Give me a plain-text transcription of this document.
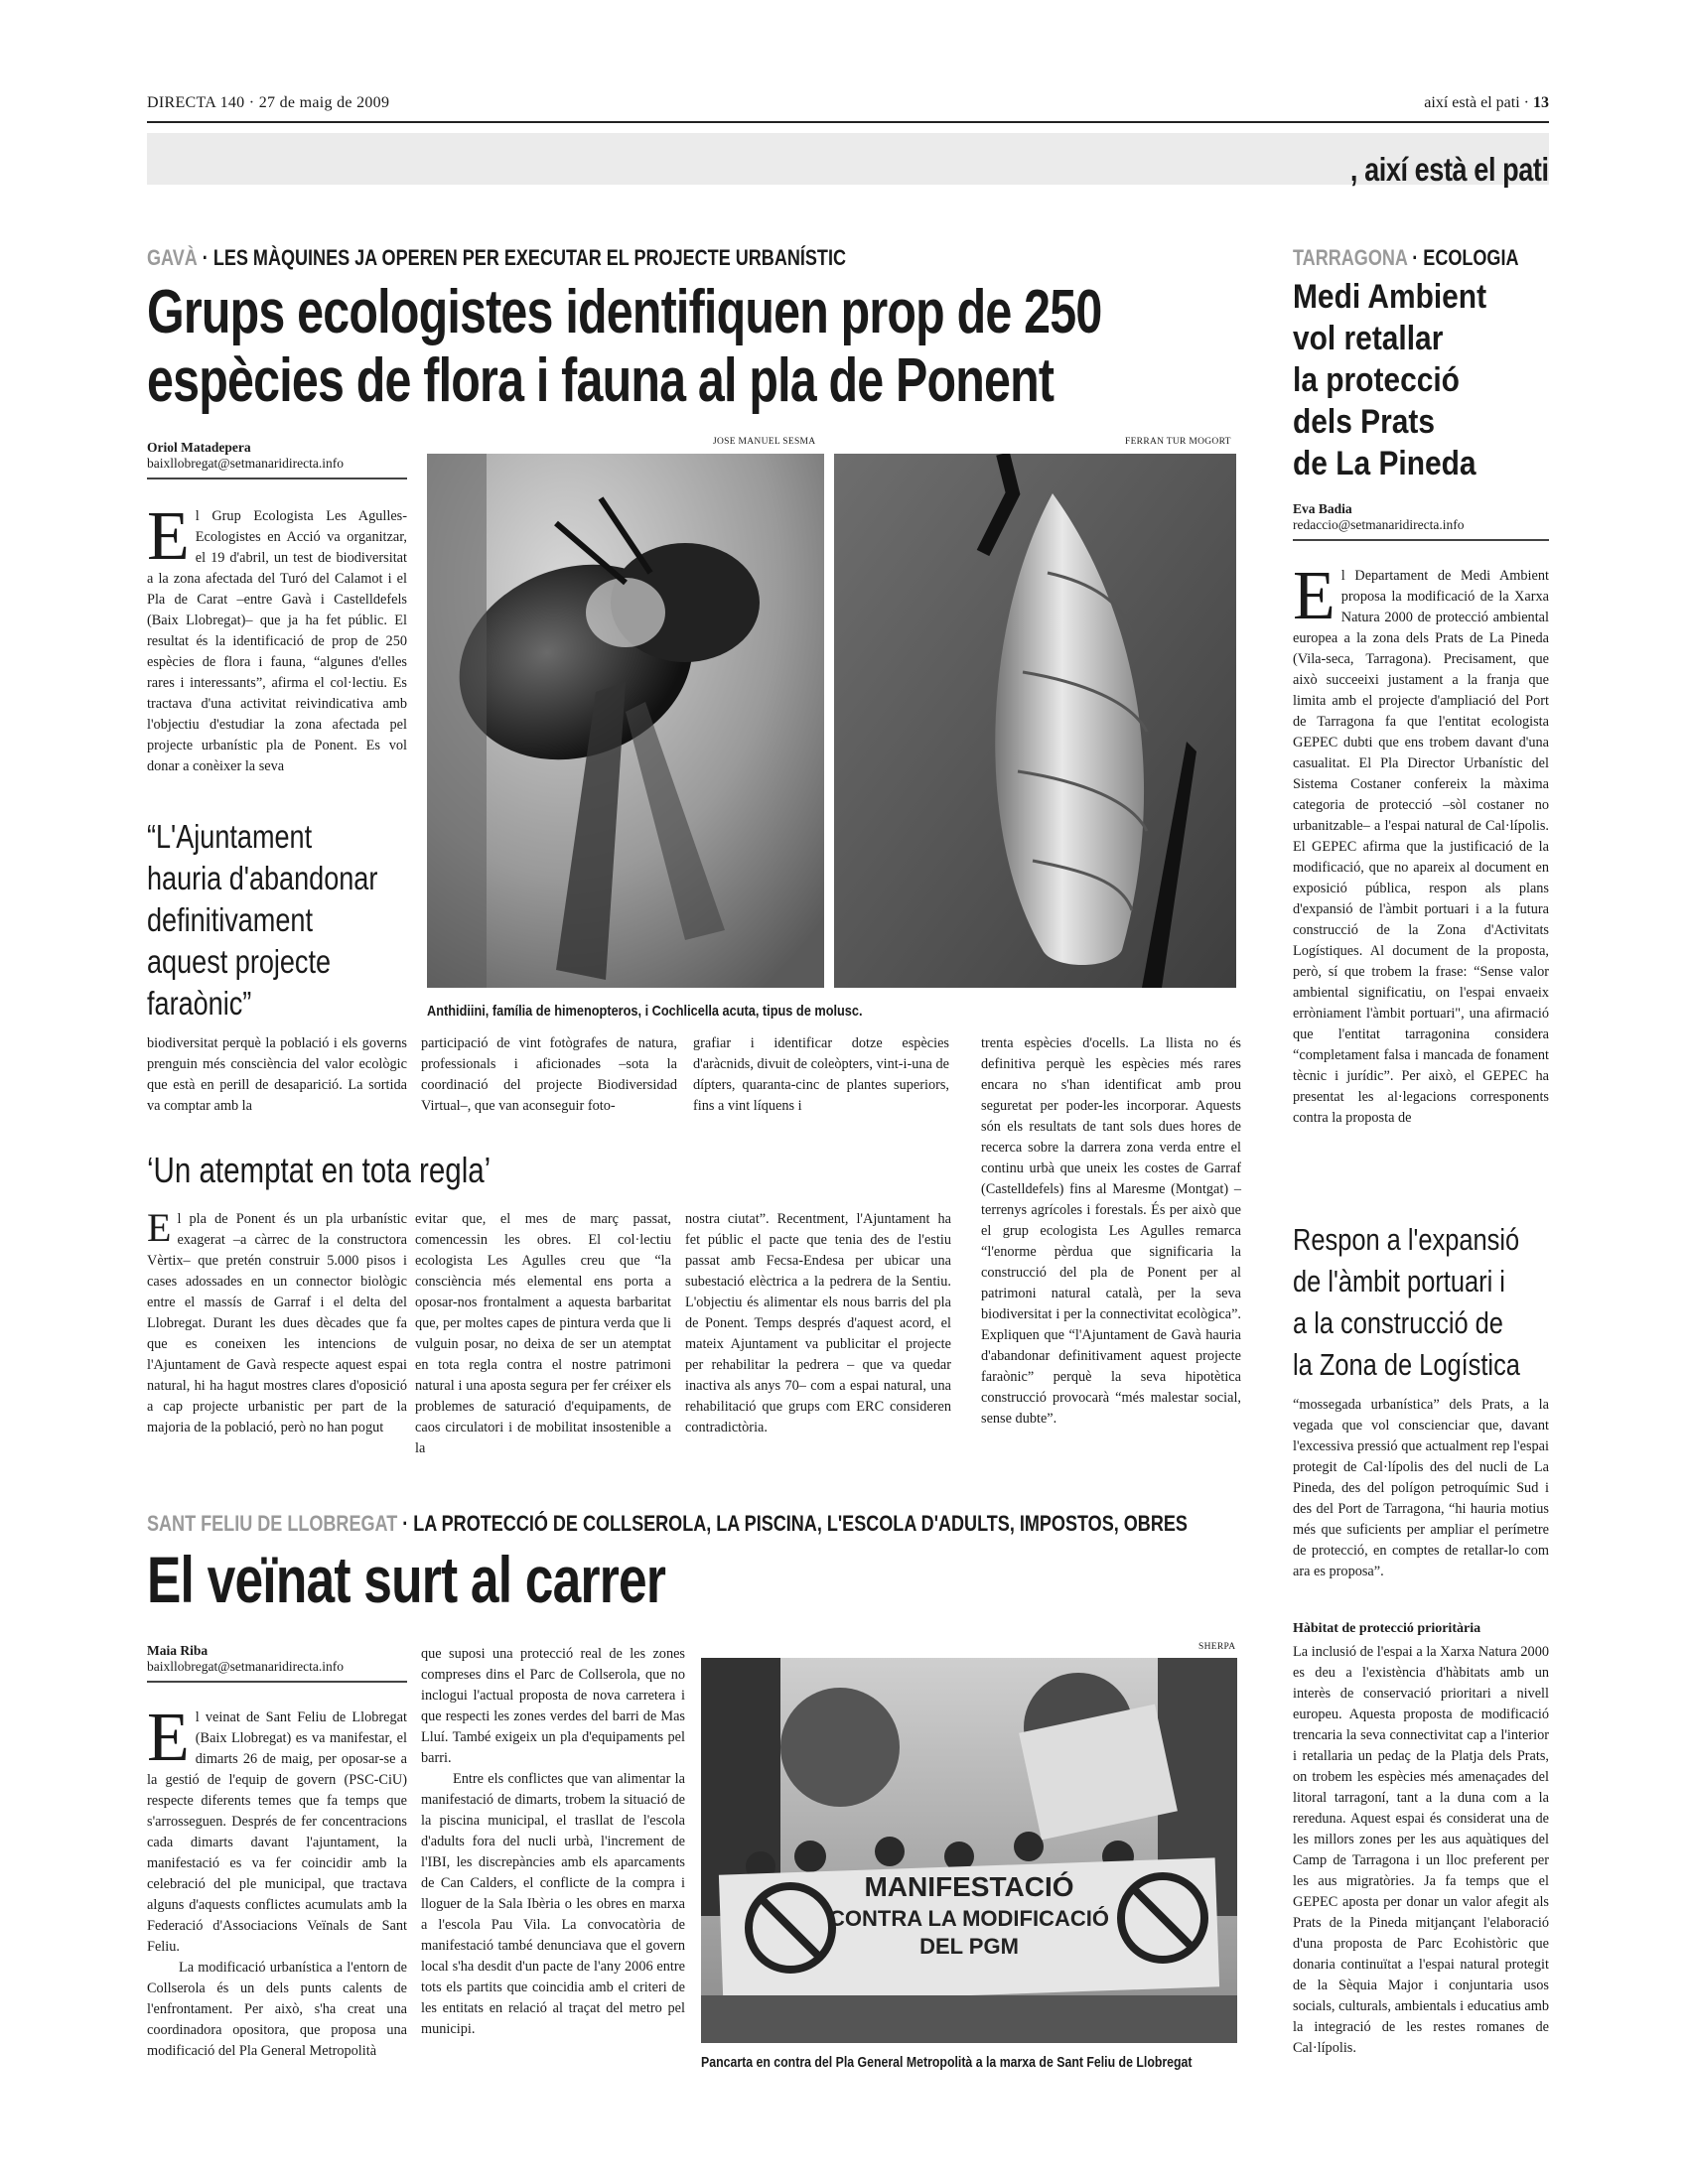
DIRECTA 140 · 27 de maig de 2009	així està el pati · 13
, així està el pati
GAVÀ · LES MÀQUINES JA OPEREN PER EXECUTAR EL PROJECTE URBANÍSTIC
Grups ecologistes identifiquen prop de 250
espècies de flora i fauna al pla de Ponent
Oriol Matadepera
baixllobregat@setmanaridirecta.info
El Grup Ecologista Les Agulles-Ecologistes en Acció va organitzar, el 19 d'abril, un test de biodiversitat a la zona afectada del Turó del Calamot i el Pla de Carat –entre Gavà i Castelldefels (Baix Llobregat)– que ja ha fet públic. El resultat és la identificació de prop de 250 espècies de flora i fauna, “algunes d'elles rares i interessants”, afirma el col·lectiu. Es tractava d'una activitat reivindicativa amb l'objectiu d'estudiar la zona afectada pel projecte urbanístic pla de Ponent. Es vol donar a conèixer la seva
“L'Ajuntament
hauria d'abandonar
definitivament
aquest projecte
faraònic”
biodiversitat perquè la població i els governs prenguin més consciència del valor ecològic que està en perill de desaparició. La sortida va comptar amb la
JOSE MANUEL SESMA	FERRAN TUR MOGORT
Anthidiini, família de himenopteros, i Cochlicella acuta, tipus de molusc.
participació de vint fotògrafes de natura, professionals i aficionades –sota la coordinació del projecte Biodiversidad Virtual–, que van aconseguir foto-
grafiar i identificar dotze espècies d'aràcnids, divuit de coleòpters, vint-i-una de dípters, quaranta-cinc de plantes superiors, fins a vint líquens i
trenta espècies d'ocells. La llista no és definitiva perquè les espècies més rares encara no s'han identificat amb prou seguretat per poder-les incorporar. Aquests són els resultats de tant sols dues hores de recerca sobre la darrera zona verda entre el continu urbà que uneix les costes de Garraf (Castelldefels) fins al Maresme (Montgat) –terrenys agrícoles i forestals. És per això que el grup ecologista Les Agulles remarca “l'enorme pèrdua que significaria la construcció del pla de Ponent per al patrimoni natural català, per la seva biodiversitat i per la connectivitat ecològica”. Expliquen que “l'Ajuntament de Gavà hauria d'abandonar definitivament aquest projecte faraònic” perquè la seva hipotètica construcció provocarà “més malestar social, sense dubte”.
‘Un atemptat en tota regla’
El pla de Ponent és un pla urbanístic exagerat –a càrrec de la constructora Vèrtix– que pretén construir 5.000 pisos i cases adossades en un connector biològic entre el massís de Garraf i el delta del Llobregat. Durant les dues dècades que fa que es coneixen les intencions de l'Ajuntament de Gavà respecte aquest espai natural, hi ha hagut mostres clares d'oposició a cap projecte urbanistic per part de la majoria de la població, però no han pogut
evitar que, el mes de març passat, comencessin les obres. El col·lectiu ecologista Les Agulles creu que “la consciència més elemental ens porta a oposar-nos frontalment a aquesta barbaritat que, per moltes capes de pintura verda que li vulguin posar, no deixa de ser un atemptat en tota regla contra el nostre patrimoni natural i una aposta segura per fer créixer els problemes de saturació d'equipaments, de caos circulatori i de mobilitat insostenible a la
nostra ciutat”. Recentment, l'Ajuntament ha fet públic el pacte que tenia des de l'estiu passat amb Fecsa-Endesa per ubicar una subestació elèctrica a la pedrera de la Sentiu. L'objectiu és alimentar els nous barris del pla de Ponent. Temps després d'aquest acord, el mateix Ajuntament va publicitar el projecte per rehabilitar la pedrera – que va quedar inactiva als anys 70– com a espai natural, una rehabilitació que grups com ERC consideren contradictòria.
TARRAGONA · ECOLOGIA
Medi Ambient
vol retallar
la protecció
dels Prats
de La Pineda
Eva Badia
redaccio@setmanaridirecta.info
El Departament de Medi Ambient proposa la modificació de la Xarxa Natura 2000 de protecció ambiental europea a la zona dels Prats de La Pineda (Vila-seca, Tarragona). Precisament, que això succeeixi justament a la franja que limita amb el projecte d'ampliació del Port de Tarragona fa que l'entitat ecologista GEPEC dubti que ens trobem davant d'una casualitat. El Pla Director Urbanístic del Sistema Costaner confereix la màxima categoria de protecció –sòl costaner no urbanitzable– a l'espai natural de Cal·lípolis. El GEPEC afirma que la justificació de la modificació, que no apareix al document en exposició pública, respon als plans d'expansió de l'àmbit portuari i a la futura construcció de la Zona d'Activitats Logístiques. Al document de la proposta, però, sí que trobem la frase: “Sense valor ambiental significatiu, on l'espai envaeix erròniament l'àmbit portuari", una afirmació que l'entitat tarragonina considera “completament falsa i mancada de fonament tècnic i jurídic”. Per això, el GEPEC ha presentat les al·legacions corresponents contra la proposta de
Respon a l'expansió
de l'àmbit portuari i
a la construcció de
la Zona de Logística
“mossegada urbanística” dels Prats, a la vegada que vol conscienciar que, davant l'excessiva pressió que actualment rep l'espai protegit de Cal·lípolis des del nucli de La Pineda, des del polígon petroquímic Sud i des del Port de Tarragona, “hi hauria motius més que suficients per ampliar el perímetre de protecció, en comptes de retallar-lo com ara es proposa”.
Hàbitat de protecció prioritària
La inclusió de l'espai a la Xarxa Natura 2000 es deu a l'existència d'hàbitats amb un interès de conservació prioritari a nivell europeu. Aquesta proposta de modificació trencaria la seva connectivitat cap a l'interior i retallaria un pedaç de la Platja dels Prats, on trobem les espècies més amenaçades del litoral tarragoní, tant a la duna com a la rereduna. Aquest espai és considerat una de les millors zones per les aus aquàtiques del Camp de Tarragona i un lloc preferent per les aus migratòries. Ja fa temps que el GEPEC aposta per donar un valor afegit als Prats de la Pineda mitjançant l'elaboració d'una proposta de Parc Ecohistòric que donaria continuïtat a l'espai natural protegit de la Sèquia Major i conjuntaria usos socials, culturals, ambientals i educatius amb la integració de les restes romanes de Cal·lípolis.
SANT FELIU DE LLOBREGAT · LA PROTECCIÓ DE COLLSEROLA, LA PISCINA, L'ESCOLA D'ADULTS, IMPOSTOS, OBRES
El veïnat surt al carrer
Maia Riba
baixllobregat@setmanaridirecta.info

El veinat de Sant Feliu de Llobregat (Baix Llobregat) es va manifestar, el dimarts 26 de maig, per oposar-se a la gestió de l'equip de govern (PSC-CiU) respecte diferents temes que fa temps que s'arrosseguen. Després de fer concentracions cada dimarts davant l'ajuntament, la manifestació es va fer coincidir amb la celebració del ple municipal, que tractava alguns d'aquests conflictes acumulats amb la Federació d'Associacions Veïnals de Sant Feliu.

La modificació urbanística a l'entorn de Collserola és un dels punts calents de l'enfrontament. Per això, s'ha creat una coordinadora opositora, que proposa una modificació del Pla General Metropolità

que suposi una protecció real de les zones compreses dins el Parc de Collserola, que no inclogui l'actual proposta de nova carretera i que respecti les zones verdes del barri de Mas Lluí. També exigeix un pla d'equipaments pel barri.

Entre els conflictes que van alimentar la manifestació de dimarts, trobem la situació de la piscina municipal, el trasllat de l'escola d'adults fora del nucli urbà, l'increment de l'IBI, les discrepàncies amb els aparcaments de Can Calders, el conflicte de la compra i lloguer de la Sala Ibèria o les obres en marxa a l'escola Pau Vila. La convocatòria de manifestació també denunciava que el govern local s'ha desdit d'un pacte de l'any 2006 entre tots els partits que coincidia amb el criteri de les entitats en relació al traçat del metro pel municipi.

SHERPA
MANIFESTACIÓ
CONTRA LA MODIFICACIÓ
DEL PGM
Pancarta en contra del Pla General Metropolità a la marxa de Sant Feliu de Llobregat
